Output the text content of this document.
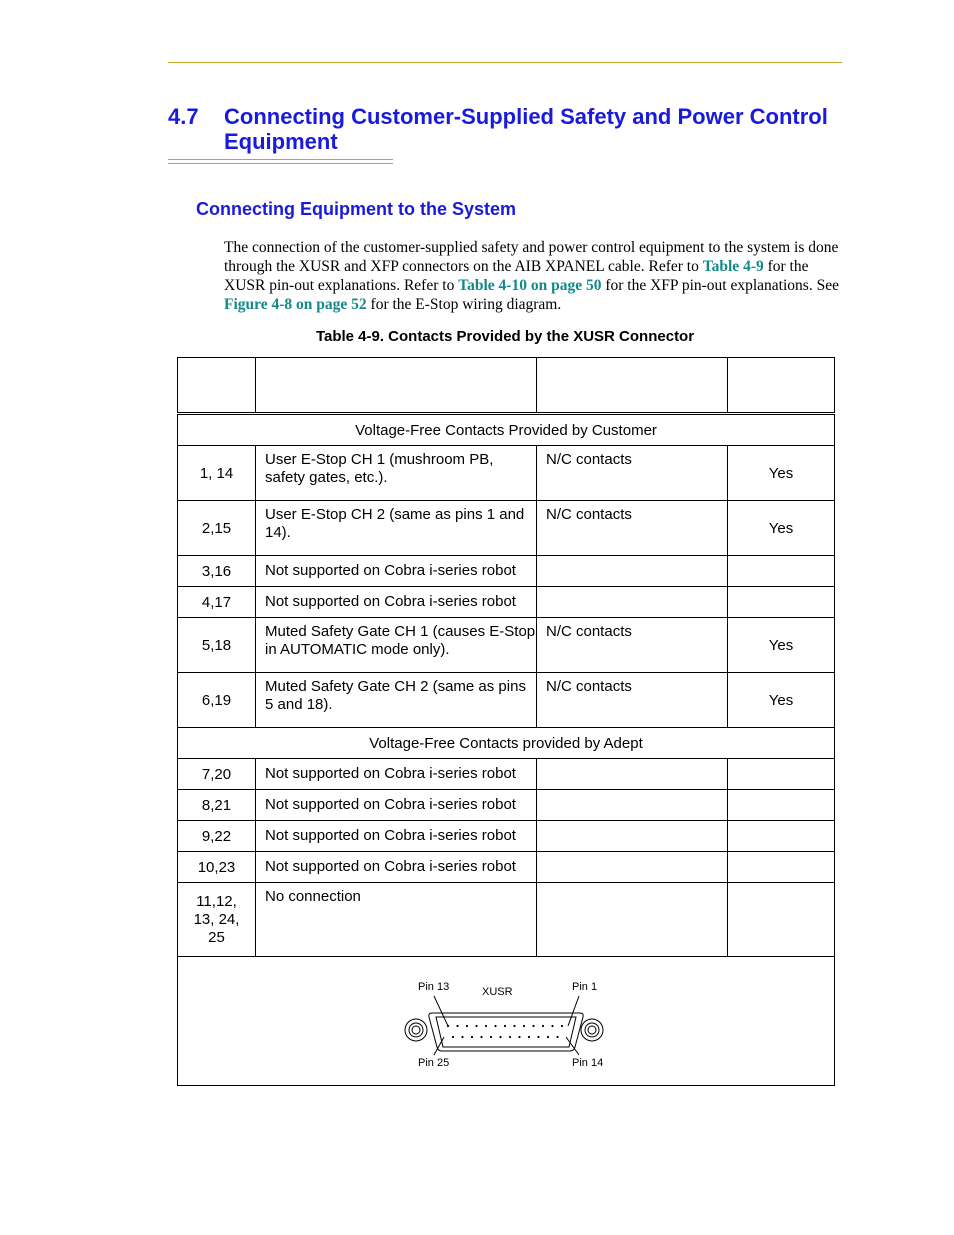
4.7 Connecting Customer-Supplied Safety and Power Control Equipment
Connecting Equipment to the System
The connection of the customer-supplied safety and power control equipment to the system is done through the XUSR and XFP connectors on the AIB XPANEL cable. Refer to Table 4-9 for the XUSR pin-out explanations. Refer to Table 4-10 on page 50 for the XFP pin-out explanations. See Figure 4-8 on page 52 for the E-Stop wiring diagram.
Table 4-9. Contacts Provided by the XUSR Connector

Voltage-Free Contacts Provided by Customer			
1, 14	User E-Stop CH 1 (mushroom PB, safety gates, etc.).	N/C contacts	Yes
2,15	User E-Stop CH 2 (same as pins 1 and 14).	N/C contacts	Yes
3,16	Not supported on Cobra i-series robot		
4,17	Not supported on Cobra i-series robot		
5,18	Muted Safety Gate CH 1 (causes E-Stop in AUTOMATIC mode only).	N/C contacts	Yes
6,19	Muted Safety Gate CH 2 (same as pins 5 and 18).	N/C contacts	Yes
Voltage-Free Contacts provided by Adept			
7,20	Not supported on Cobra i-series robot		
8,21	Not supported on Cobra i-series robot		
9,22	Not supported on Cobra i-series robot		
10,23	Not supported on Cobra i-series robot		
11,12,
13, 24,
25	No connection		

Pin 13 XUSR Pin 1
Pin 25 Pin 14			
